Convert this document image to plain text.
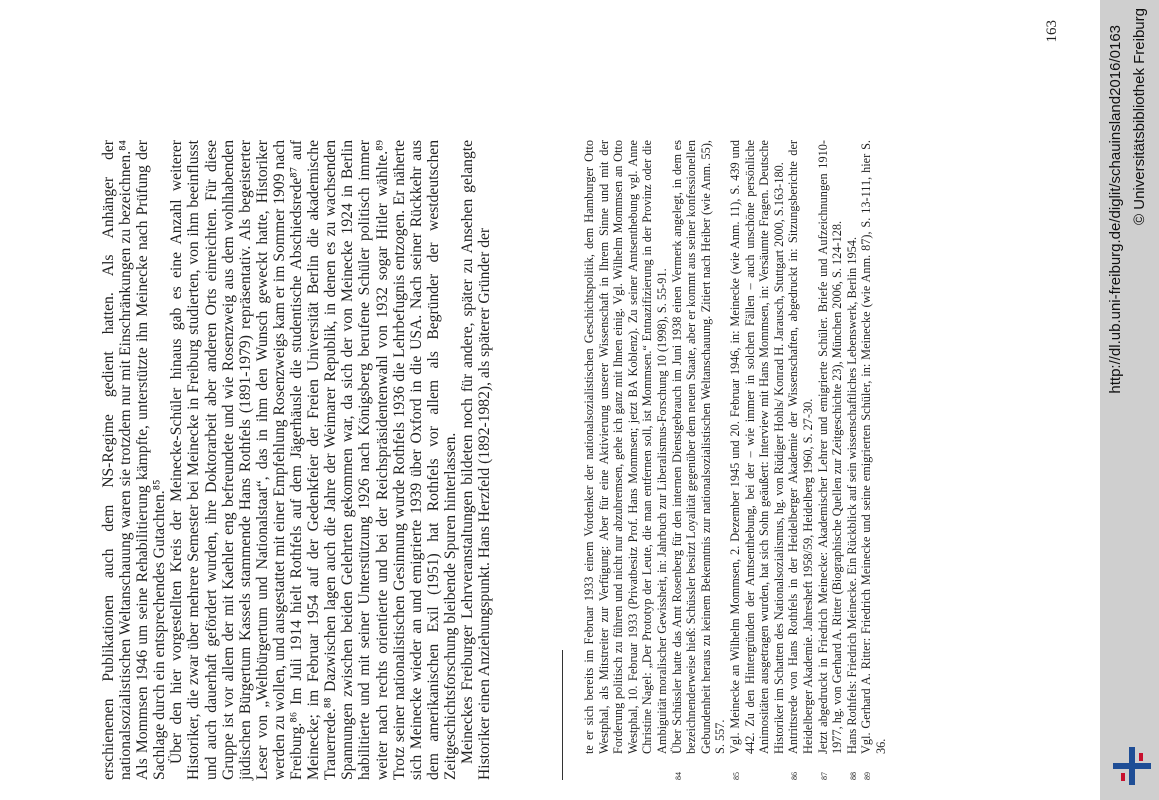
erschienenen Publikationen auch dem NS-Regime gedient hatten. Als Anhänger der nationalsozialistischen Weltanschauung waren sie trotzdem nur mit Einschränkungen zu bezeichnen.⁸⁴ Als Mommsen 1946 um seine Rehabilitierung kämpfte, unterstützte ihn Meinecke nach Prüfung der Sachlage durch ein entsprechendes Gutachten.⁸⁵ Über den hier vorgestellten Kreis der Meinecke-Schüler hinaus gab es eine Anzahl weiterer Historiker, die zwar über mehrere Semester bei Meinecke in Freiburg studierten, von ihm beeinflusst und auch dauerhaft gefördert wurden, ihre Doktorarbeit aber anderen Orts einreichten. Für diese Gruppe ist vor allem der mit Kaehler eng befreundete und wie Rosenzweig aus dem wohlhabenden jüdischen Bürgertum Kassels stammende Hans Rothfels (1891-1979) repräsentativ. Als begeisterter Leser von „Weltbürgertum und Nationalstaat“, das in ihm den Wunsch geweckt hatte, Historiker werden zu wollen, und ausgestattet mit einer Empfehlung Rosenzweigs kam er im Sommer 1909 nach Freiburg.⁸⁶ Im Juli 1914 hielt Rothfels auf dem Jägerhäusle die studentische Abschiedsrede⁸⁷ auf Meinecke; im Februar 1954 auf der Gedenkfeier der Freien Universität Berlin die akademische Trauerrede.⁸⁸ Dazwischen lagen auch die Jahre der Weimarer Republik, in denen es zu wachsenden Spannungen zwischen beiden Gelehrten gekommen war, da sich der von Meinecke 1924 in Berlin habilitierte und mit seiner Unterstützung 1926 nach Königsberg berufene Schüler politisch immer weiter nach rechts orientierte und bei der Reichspräsidentenwahl von 1932 sogar Hitler wählte.⁸⁹ Trotz seiner nationalistischen Gesinnung wurde Rothfels 1936 die Lehrbefugnis entzogen. Er näherte sich Meinecke wieder an und emigrierte 1939 über Oxford in die USA. Nach seiner Rückkehr aus dem amerikanischen Exil (1951) hat Rothfels vor allem als Begründer der westdeutschen Zeitgeschichtsforschung bleibende Spuren hinterlassen. Meineckes Freiburger Lehrveranstaltungen bildeten noch für andere, später zu Ansehen gelangte Historiker einen Anziehungspunkt. Hans Herzfeld (1892-1982), als späterer Gründer der	te er sich bereits im Februar 1933 einem Vordenker der nationalsozialistischen Geschichtspolitik, dem Hamburger Otto Westphal, als Mitstreiter zur Verfügung: Aber für eine Aktivierung unserer Wissenschaft in Ihrem Sinne und mit der Forderung politisch zu führen und nicht nur abzubremsen, gehe ich ganz mit Ihnen einig. Vgl. Wilhelm Mommsen an Otto Westphal, 10. Februar 1933 (Privatbesitz Prof. Hans Mommsen; jetzt BA Koblenz). Zu seiner Amtsenthebung vgl. Anne Christine Nagel: „Der Prototyp der Leute, die man entfernen soll, ist Mommsen.“ Entnazifizierung in der Provinz oder die Ambiguität moralischer Gewissheit, in: Jahrbuch zur Liberalismus-Forschung 10 (1998), S. 55-91.
84
Über Schüssler hatte das Amt Rosenberg für den internen Dienstgebrauch im Juni 1938 einen Vermerk angelegt, in dem es bezeichnenderweise hieß: Schüssler besitzt Loyalität gegenüber dem neuen Staate, aber er kommt aus seiner konfessionellen Gebundenheit heraus zu keinem Bekenntnis zur nationalsozialistischen Weltanschauung. Zitiert nach Heiber (wie Anm. 55), S. 557.
85
Vgl. Meinecke an Wilhelm Mommsen, 2. Dezember 1945 und 20. Februar 1946, in: Meinecke (wie Anm. 11), S. 439 und 442. Zu den Hintergründen der Amtsenthebung, bei der – wie immer in solchen Fällen – auch unschöne persönliche Animositäten ausgetragen wurden, hat sich Sohn geäußert: Interview mit Hans Mommsen, in: Versäumte Fragen. Deutsche Historiker im Schatten des Nationalsozialismus, hg. von Rüdiger Hohls/ Konrad H. Jarausch, Stuttgart 2000, S.163-180.
86
Antrittsrede von Hans Rothfels in der Heidelberger Akademie der Wissenschaften, abgedruckt in: Sitzungsberichte der Heidelberger Akademie. Jahresheft 1958/59, Heidelberg 1960, S. 27-30.
87
Jetzt abgedruckt in Friedrich Meinecke: Akademischer Lehrer und emigrierte Schüler. Briefe und Aufzeichnungen 1910-1977, hg. von Gerhard A. Ritter (Biographische Quellen zur Zeitgeschichte 23), München 2006, S. 124-128.
88
Hans Rothfels: Friedrich Meinecke. Ein Rückblick auf sein wissenschaftliches Lebenswerk, Berlin 1954.
89
Vgl. Gerhard A. Ritter: Friedrich Meinecke und seine emigrierten Schüler, in: Meinecke (wie Anm. 87), S. 13-111, hier S. 36.
163	http://dl.ub.uni-freiburg.de/diglit/schauinsland2016/0163 © Universitätsbibliothek Freiburg
